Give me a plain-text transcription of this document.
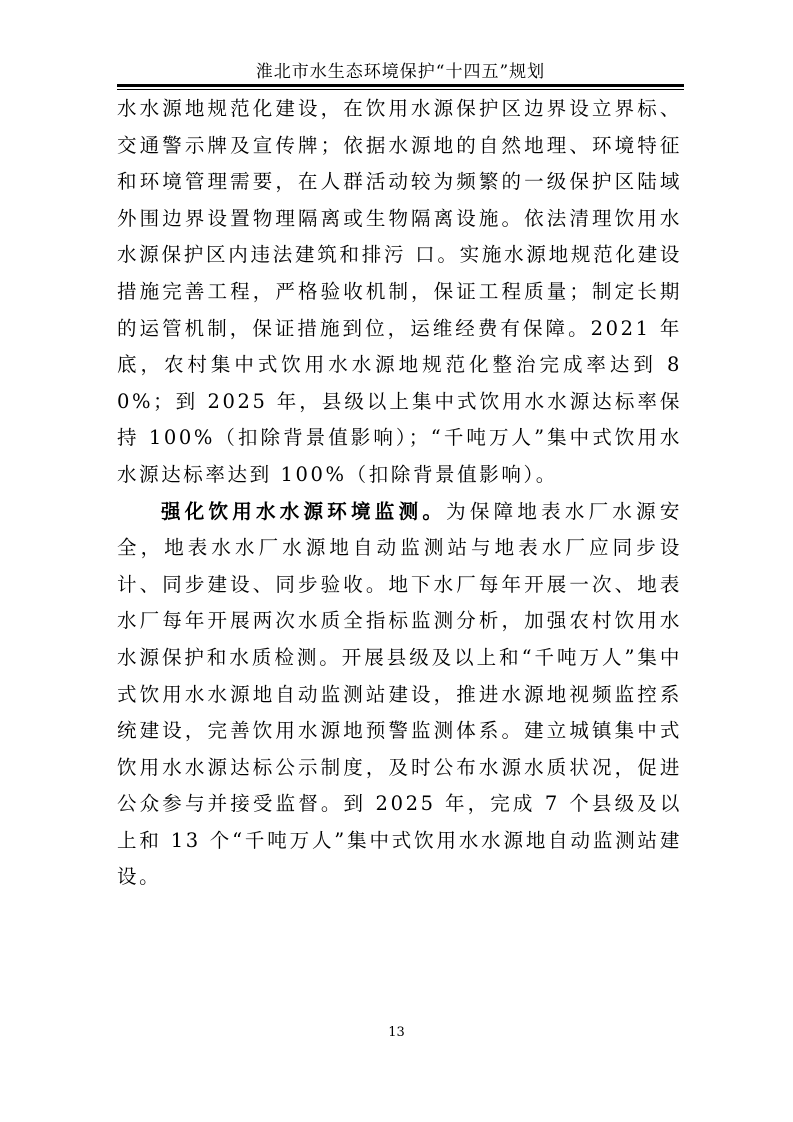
淮北市水生态环境保护“十四五”规划

水水源地规范化建设，在饮用水源保护区边界设立界标、交通警示牌及宣传牌；依据水源地的自然地理、环境特征和环境管理需要，在人群活动较为频繁的一级保护区陆域外围边界设置物理隔离或生物隔离设施。依法清理饮用水水源保护区内违法建筑和排污 口。实施水源地规范化建设措施完善工程，严格验收机制，保证工程质量；制定长期的运管机制，保证措施到位，运维经费有保障。2021 年底，农村集中式饮用水水源地规范化整治完成率达到 80%；到 2025 年，县级以上集中式饮用水水源达标率保持 100%（扣除背景值影响）；“千吨万人”集中式饮用水水源达标率达到 100%（扣除背景值影响）。

强化饮用水水源环境监测。为保障地表水厂水源安全，地表水水厂水源地自动监测站与地表水厂应同步设计、同步建设、同步验收。地下水厂每年开展一次、地表水厂每年开展两次水质全指标监测分析，加强农村饮用水水源保护和水质检测。开展县级及以上和“千吨万人”集中式饮用水水源地自动监测站建设，推进水源地视频监控系统建设，完善饮用水源地预警监测体系。建立城镇集中式饮用水水源达标公示制度，及时公布水源水质状况，促进公众参与并接受监督。到 2025 年，完成 7 个县级及以上和 13 个“千吨万人”集中式饮用水水源地自动监测站建设。

13
